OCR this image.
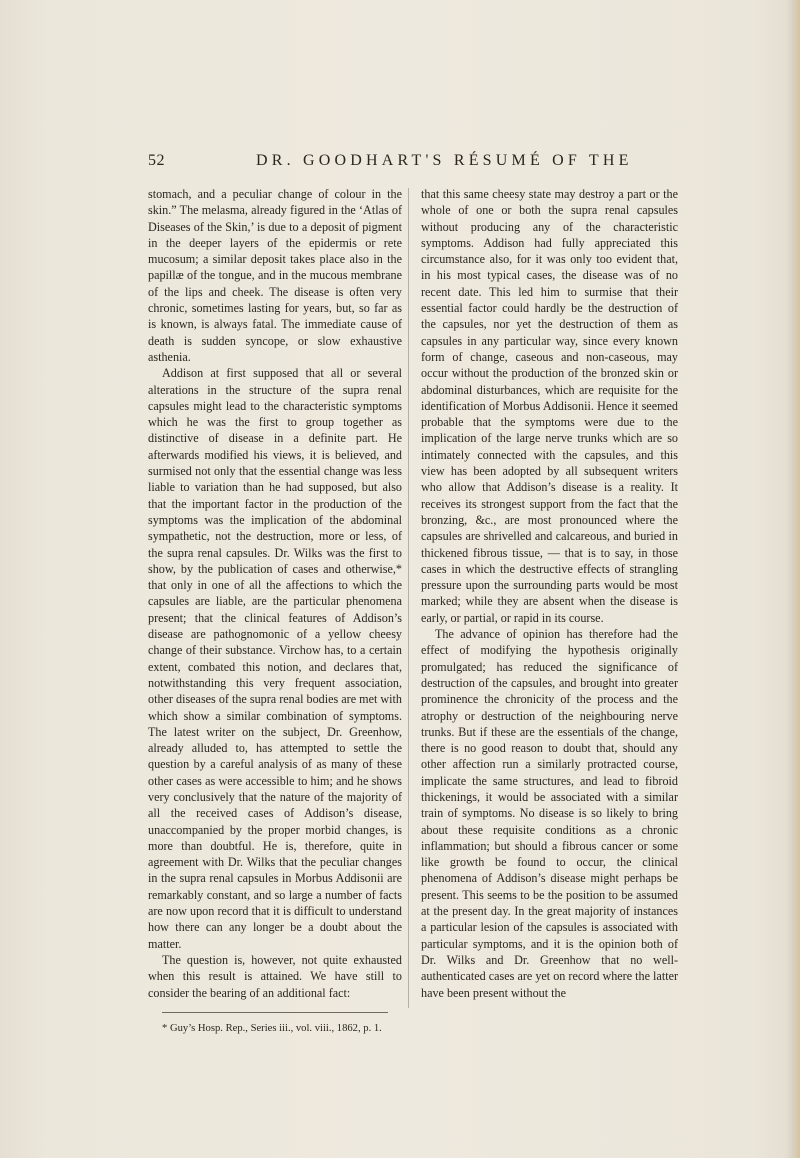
52	DR. GOODHART'S RÉSUMÉ OF THE

stomach, and a peculiar change of colour in the skin.” The melasma, already figured in the ‘Atlas of Diseases of the Skin,’ is due to a deposit of pigment in the deeper layers of the epidermis or rete mucosum; a similar deposit takes place also in the papillæ of the tongue, and in the mucous membrane of the lips and cheek. The disease is often very chronic, sometimes lasting for years, but, so far as is known, is always fatal. The immediate cause of death is sudden syncope, or slow exhaustive asthenia.

Addison at first supposed that all or several alterations in the structure of the supra renal capsules might lead to the characteristic symptoms which he was the first to group together as distinctive of disease in a definite part. He afterwards modified his views, it is believed, and surmised not only that the essential change was less liable to variation than he had supposed, but also that the important factor in the production of the symptoms was the implication of the abdominal sympathetic, not the destruction, more or less, of the supra renal capsules. Dr. Wilks was the first to show, by the publication of cases and otherwise,* that only in one of all the affections to which the capsules are liable, are the particular phenomena present; that the clinical features of Addison’s disease are pathognomonic of a yellow cheesy change of their substance. Virchow has, to a certain extent, combated this notion, and declares that, notwithstanding this very frequent association, other diseases of the supra renal bodies are met with which show a similar combination of symptoms. The latest writer on the subject, Dr. Greenhow, already alluded to, has attempted to settle the question by a careful analysis of as many of these other cases as were accessible to him; and he shows very conclusively that the nature of the majority of all the received cases of Addison’s disease, unaccompanied by the proper morbid changes, is more than doubtful. He is, therefore, quite in agreement with Dr. Wilks that the peculiar changes in the supra renal capsules in Morbus Addisonii are remarkably constant, and so large a number of facts are now upon record that it is difficult to understand how there can any longer be a doubt about the matter.

The question is, however, not quite exhausted when this result is attained. We have still to consider the bearing of an additional fact:

* Guy’s Hosp. Rep., Series iii., vol. viii., 1862, p. 1.

that this same cheesy state may destroy a part or the whole of one or both the supra renal capsules without producing any of the characteristic symptoms. Addison had fully appreciated this circumstance also, for it was only too evident that, in his most typical cases, the disease was of no recent date. This led him to surmise that their essential factor could hardly be the destruction of the capsules, nor yet the destruction of them as capsules in any particular way, since every known form of change, caseous and non-caseous, may occur without the production of the bronzed skin or abdominal disturbances, which are requisite for the identification of Morbus Addisonii. Hence it seemed probable that the symptoms were due to the implication of the large nerve trunks which are so intimately connected with the capsules, and this view has been adopted by all subsequent writers who allow that Addison’s disease is a reality. It receives its strongest support from the fact that the bronzing, &c., are most pronounced where the capsules are shrivelled and calcareous, and buried in thickened fibrous tissue, — that is to say, in those cases in which the destructive effects of strangling pressure upon the surrounding parts would be most marked; while they are absent when the disease is early, or partial, or rapid in its course.

The advance of opinion has therefore had the effect of modifying the hypothesis originally promulgated; has reduced the significance of destruction of the capsules, and brought into greater prominence the chronicity of the process and the atrophy or destruction of the neighbouring nerve trunks. But if these are the essentials of the change, there is no good reason to doubt that, should any other affection run a similarly protracted course, implicate the same structures, and lead to fibroid thickenings, it would be associated with a similar train of symptoms. No disease is so likely to bring about these requisite conditions as a chronic inflammation; but should a fibrous cancer or some like growth be found to occur, the clinical phenomena of Addison’s disease might perhaps be present. This seems to be the position to be assumed at the present day. In the great majority of instances a particular lesion of the capsules is associated with particular symptoms, and it is the opinion both of Dr. Wilks and Dr. Greenhow that no well-authenticated cases are yet on record where the latter have been present without the
